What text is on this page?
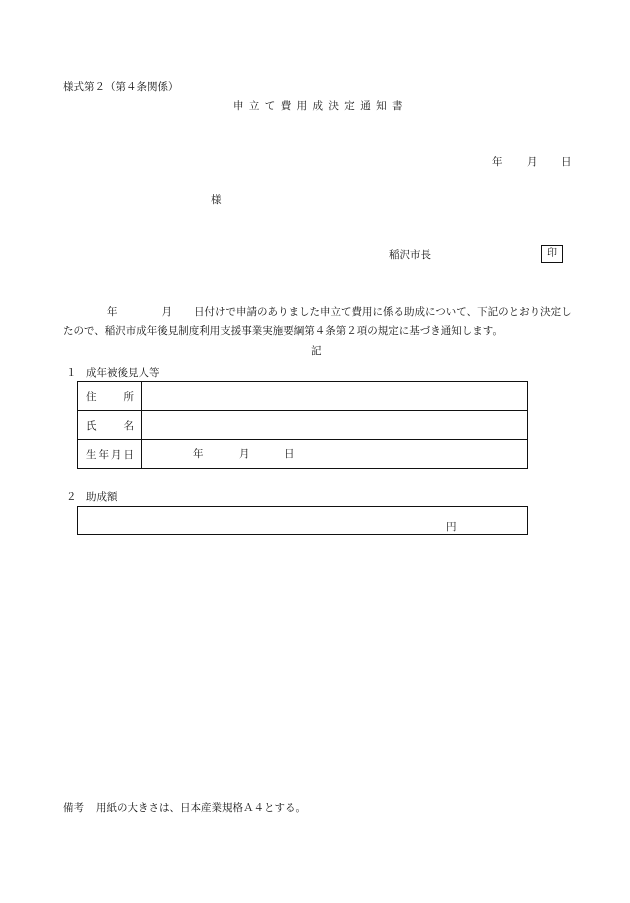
様式第２（第４条関係）
申立て費用成決定通知書
年 月 日
様
稲沢市長	印
年	月 日付けで申請のありました申立て費用に係る助成について、下記のとおり決定し
たので、稲沢市成年後見制度利用支援事業実施要綱第４条第２項の規定に基づき通知します。
記
１ 成年被後見人等
住 所	

氏 名	

生 年 月 日	年 月 日
２ 助成額
円
備考 用紙の大きさは、日本産業規格Ａ４とする。
